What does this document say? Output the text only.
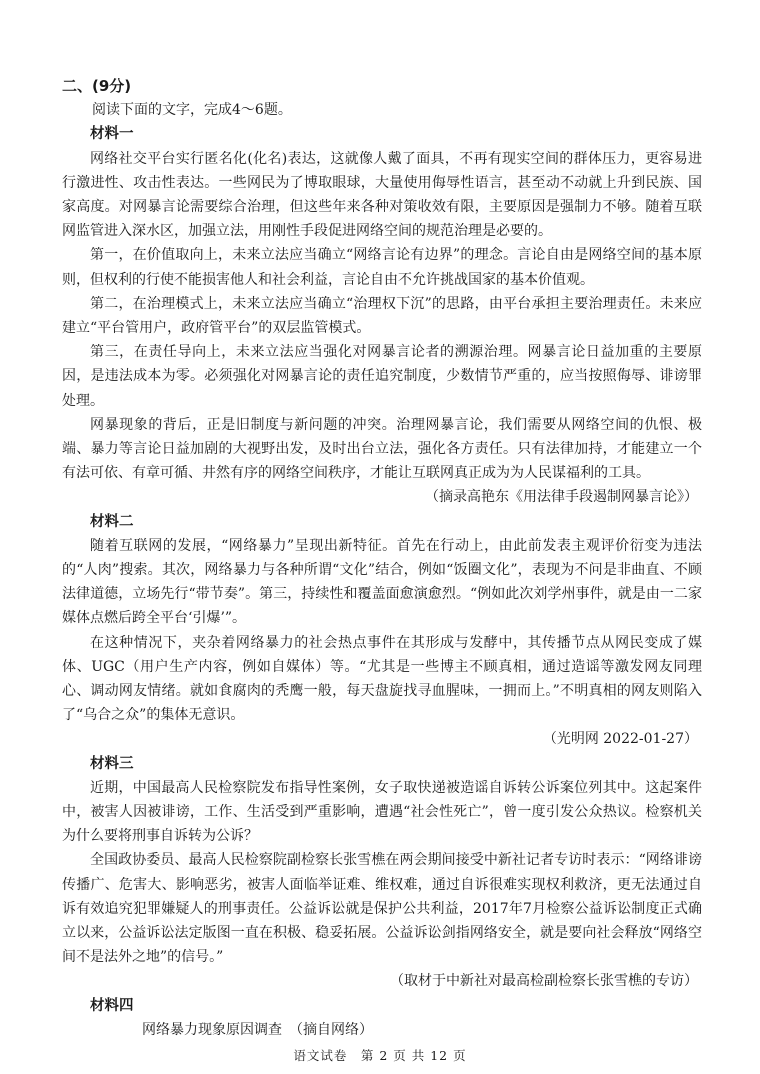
二、(9分)
阅读下面的文字，完成4～6题。
材料一

网络社交平台实行匿名化(化名)表达，这就像人戴了面具，不再有现实空间的群体压力，更容易进行激进性、攻击性表达。一些网民为了博取眼球，大量使用侮辱性语言，甚至动不动就上升到民族、国家高度。对网暴言论需要综合治理，但这些年来各种对策收效有限，主要原因是强制力不够。随着互联网监管进入深水区，加强立法，用刚性手段促进网络空间的规范治理是必要的。

第一，在价值取向上，未来立法应当确立“网络言论有边界”的理念。言论自由是网络空间的基本原则，但权利的行使不能损害他人和社会利益，言论自由不允许挑战国家的基本价值观。

第二，在治理模式上，未来立法应当确立“治理权下沉”的思路，由平台承担主要治理责任。未来应建立“平台管用户，政府管平台”的双层监管模式。

第三，在责任导向上，未来立法应当强化对网暴言论者的溯源治理。网暴言论日益加重的主要原因，是违法成本为零。必须强化对网暴言论的责任追究制度，少数情节严重的，应当按照侮辱、诽谤罪处理。

网暴现象的背后，正是旧制度与新问题的冲突。治理网暴言论，我们需要从网络空间的仇恨、极端、暴力等言论日益加剧的大视野出发，及时出台立法，强化各方责任。只有法律加持，才能建立一个有法可依、有章可循、井然有序的网络空间秩序，才能让互联网真正成为为人民谋福利的工具。

（摘录高艳东《用法律手段遏制网暴言论》）

材料二

随着互联网的发展，“网络暴力”呈现出新特征。首先在行动上，由此前发表主观评价衍变为违法的“人肉”搜索。其次，网络暴力与各种所谓“文化”结合，例如“饭圈文化”，表现为不问是非曲直、不顾法律道德，立场先行“带节奏”。第三，持续性和覆盖面愈演愈烈。“例如此次刘学州事件，就是由一二家媒体点燃后跨全平台‘引爆’”。

在这种情况下，夹杂着网络暴力的社会热点事件在其形成与发酵中，其传播节点从网民变成了媒体、UGC（用户生产内容，例如自媒体）等。“尤其是一些博主不顾真相，通过造谣等激发网友同理心、调动网友情绪。就如食腐肉的秃鹰一般，每天盘旋找寻血腥味，一拥而上。”不明真相的网友则陷入了“乌合之众”的集体无意识。

（光明网 2022-01-27）

材料三

近期，中国最高人民检察院发布指导性案例，女子取快递被造谣自诉转公诉案位列其中。这起案件中，被害人因被诽谤，工作、生活受到严重影响，遭遇“社会性死亡”，曾一度引发公众热议。检察机关为什么要将刑事自诉转为公诉？

全国政协委员、最高人民检察院副检察长张雪樵在两会期间接受中新社记者专访时表示：“网络诽谤传播广、危害大、影响恶劣，被害人面临举证难、维权难，通过自诉很难实现权利救济，更无法通过自诉有效追究犯罪嫌疑人的刑事责任。公益诉讼就是保护公共利益，2017年7月检察公益诉讼制度正式确立以来，公益诉讼法定版图一直在积极、稳妥拓展。公益诉讼剑指网络安全，就是要向社会释放“网络空间不是法外之地”的信号。”

（取材于中新社对最高检副检察长张雪樵的专访）

材料四

网络暴力现象原因调查　（摘自网络）

语文试卷　第 2 页 共 12 页
